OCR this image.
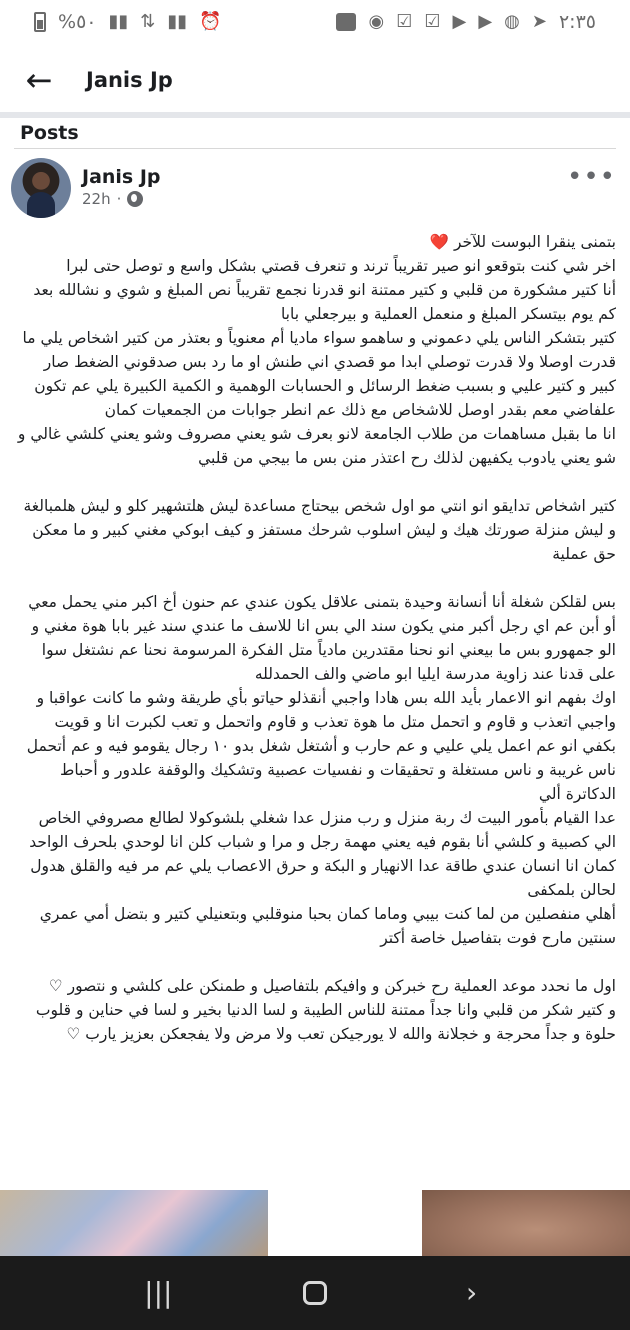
%٥٠ ▮▮ ⇅ ▮▮ ⏰	◉ ☑ ☑ ▶ ▶ ◍ ➤ ٢:٣٥
← Janis Jp
Posts
Janis Jp
22h ·
•••

بتمنى ينقرا البوست للآخر ❤️

اخر شي كنت بتوقعو انو صير تقريباً ترند و تنعرف قصتي بشكل واسع و توصل حتى لبرا

أنا كتير مشكورة من قلبي و كتير ممتنة انو قدرنا نجمع تقريباً نص المبلغ و شوي و نشالله بعد كم يوم بيتسكر المبلغ و منعمل العملية و بيرجعلي بابا

كتير بتشكر الناس يلي دعموني و ساهمو سواء ماديا أم معنوياً و بعتذر من كتير اشخاص يلي ما قدرت اوصلا ولا قدرت توصلي ابدا مو قصدي اني طنش او ما رد بس صدقوني الضغط صار كبير و كتير عليي و بسبب ضغط الرسائل و الحسابات الوهمية و الكمية الكبيرة يلي عم تكون علفاضي معم بقدر اوصل للاشخاص مع ذلك عم انطر جوابات من الجمعيات كمان

انا ما بقبل مساهمات من طلاب الجامعة لانو بعرف شو يعني مصروف وشو يعني كلشي غالي و شو يعني يادوب يكفيهن لذلك رح اعتذر منن بس ما بيجي من قلبي

كتير اشخاص تدايقو انو انتي مو اول شخص بيحتاج مساعدة ليش هلتشهير كلو و ليش هلمبالغة و ليش منزلة صورتك هيك و ليش اسلوب شرحك مستفز و كيف ابوكي مغني كبير و ما معكن حق عملية

بس لقلكن شغلة أنا أنسانة وحيدة بتمنى علاقل يكون عندي عم حنون أخ اكبر مني يحمل معي أو أبن عم اي رجل أكبر مني يكون سند الي بس انا للاسف ما عندي سند غير بابا هوة مغني و الو جمهورو بس ما بيعني انو نحنا مقتدرين مادياً متل الفكرة المرسومة نحنا عم نشتغل سوا على قدنا عند زاوية مدرسة ايليا ابو ماضي والف الحمدلله

اوك بفهم انو الاعمار بأيد الله بس هادا واجبي أنقذلو حياتو بأي طريقة وشو ما كانت عواقبا و واجبي اتعذب و قاوم و اتحمل متل ما هوة تعذب و قاوم واتحمل و تعب لكبرت انا و قويت

بكفي انو عم اعمل يلي عليي و عم حارب و أشتغل شغل بدو ١٠ رجال يقومو فيه و عم أتحمل ناس غريبة و ناس مستغلة و تحقيقات و نفسيات عصبية وتشكيك والوقفة علدور و أحباط الدكاترة ألي

عدا القيام بأمور البيت ك ربة منزل و رب منزل عدا شغلي بلشوكولا لطالع مصروفي الخاص الي كصبية و كلشي أنا بقوم فيه يعني مهمة رجل و مرا و شباب كلن انا لوحدي بلحرف الواحد كمان انا انسان عندي طاقة عدا الانهيار و البكة و حرق الاعصاب يلي عم مر فيه والقلق هدول لحالن بلمكفى

أهلي منفصلين من لما كنت بيبي وماما كمان بحبا منوقلبي وبتعنيلي كتير و بتضل أمي عمري سنتين مارح فوت بتفاصيل خاصة أكتر

اول ما نحدد موعد العملية رح خبركن و وافيكم بلتفاصيل و طمنكن على كلشي و نتصور ♡

و كتير شكر من قلبي وانا جداً ممتنة للناس الطيبة و لسا الدنيا بخير و لسا في حناين و قلوب حلوة و جداً محرجة و خجلانة والله لا يورجيكن تعب ولا مرض ولا يفجعكن بعزيز يارب ♡

|||	›
